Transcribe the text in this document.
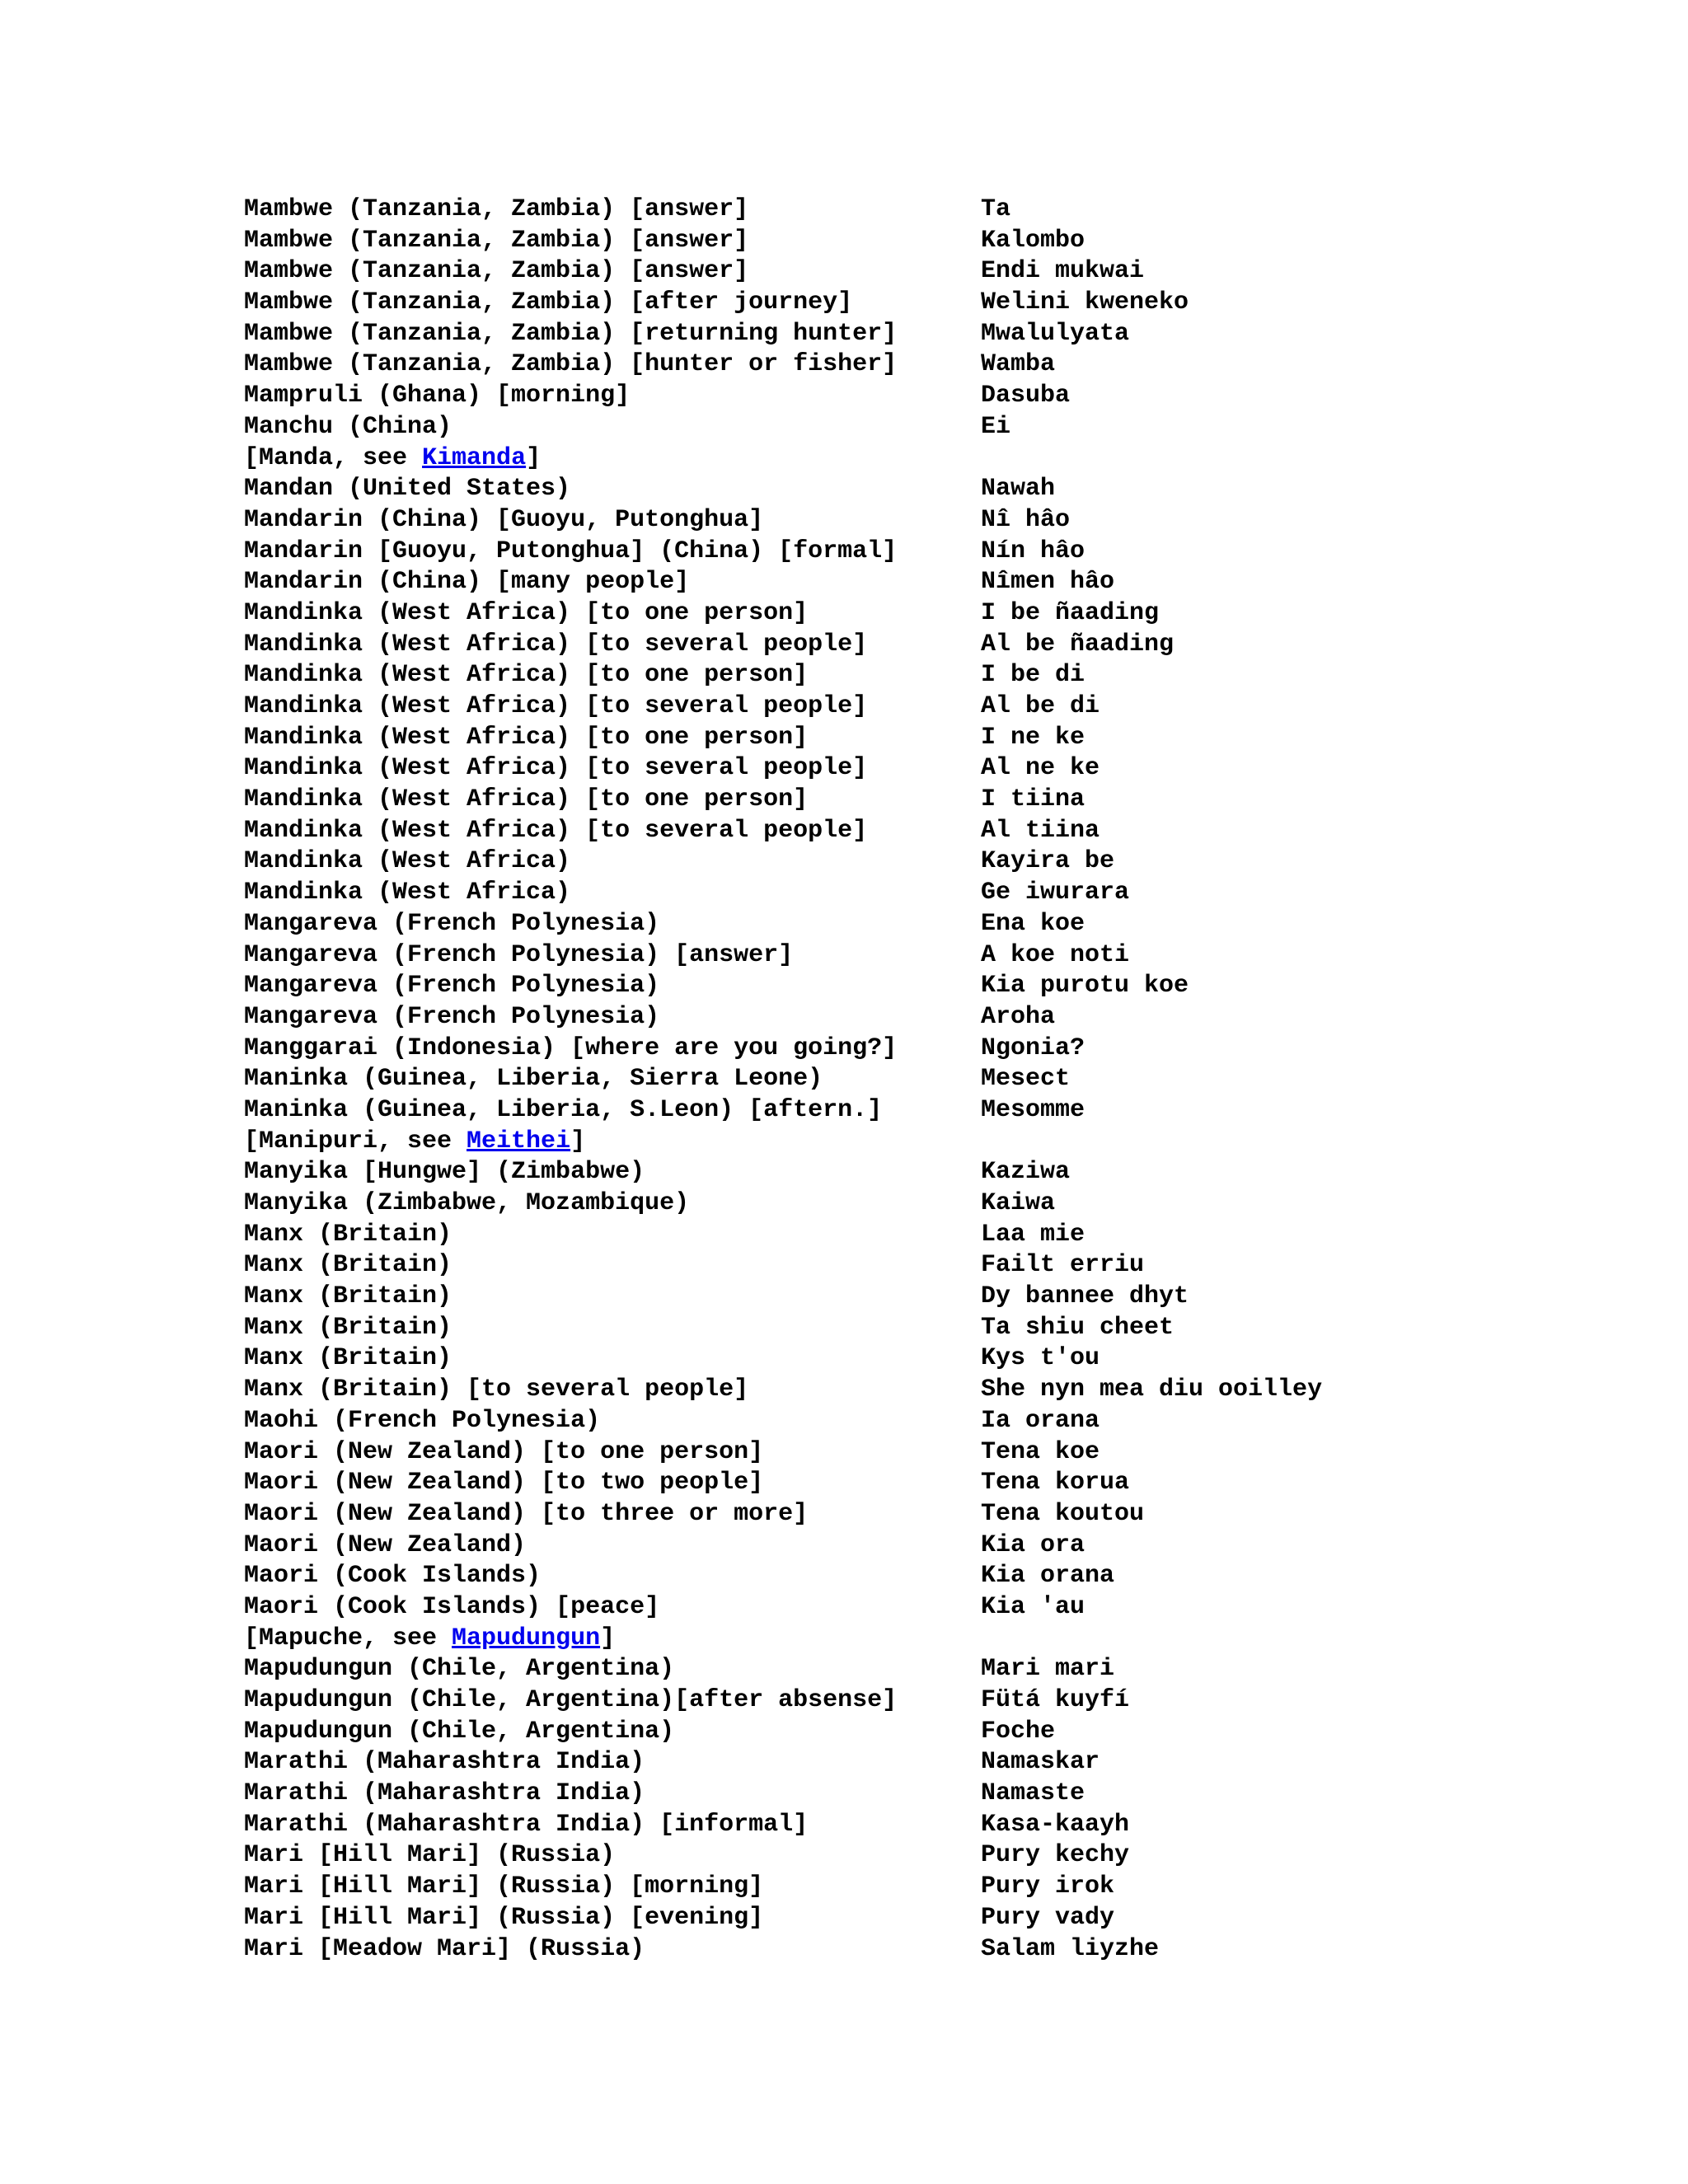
Mambwe (Tanzania, Zambia) [answer]	Ta
Mambwe (Tanzania, Zambia) [answer]	Kalombo
Mambwe (Tanzania, Zambia) [answer]	Endi mukwai
Mambwe (Tanzania, Zambia) [after journey]	Welini kweneko
Mambwe (Tanzania, Zambia) [returning hunter]	Mwalulyata
Mambwe (Tanzania, Zambia) [hunter or fisher]	Wamba
Mampruli (Ghana) [morning]	Dasuba
Manchu (China)	Ei
[Manda, see Kimanda]
Mandan (United States)	Nawah
Mandarin (China) [Guoyu, Putonghua]	Nî hâo
Mandarin [Guoyu, Putonghua] (China) [formal]	Nín hâo
Mandarin (China) [many people]	Nîmen hâo
Mandinka (West Africa) [to one person]	I be ñaading
Mandinka (West Africa) [to several people]	Al be ñaading
Mandinka (West Africa) [to one person]	I be di
Mandinka (West Africa) [to several people]	Al be di
Mandinka (West Africa) [to one person]	I ne ke
Mandinka (West Africa) [to several people]	Al ne ke
Mandinka (West Africa) [to one person]	I tiina
Mandinka (West Africa) [to several people]	Al tiina
Mandinka (West Africa)	Kayira be
Mandinka (West Africa)	Ge iwurara
Mangareva (French Polynesia)	Ena koe
Mangareva (French Polynesia) [answer]	A koe noti
Mangareva (French Polynesia)	Kia purotu koe
Mangareva (French Polynesia)	Aroha
Manggarai (Indonesia) [where are you going?]	Ngonia?
Maninka (Guinea, Liberia, Sierra Leone)	Mesect
Maninka (Guinea, Liberia, S.Leon) [aftern.]	Mesomme
[Manipuri, see Meithei]
Manyika [Hungwe] (Zimbabwe)	Kaziwa
Manyika (Zimbabwe, Mozambique)	Kaiwa
Manx (Britain)	Laa mie
Manx (Britain)	Failt erriu
Manx (Britain)	Dy bannee dhyt
Manx (Britain)	Ta shiu cheet
Manx (Britain)	Kys t'ou
Manx (Britain) [to several people]	She nyn mea diu ooilley
Maohi (French Polynesia)	Ia orana
Maori (New Zealand) [to one person]	Tena koe
Maori (New Zealand) [to two people]	Tena korua
Maori (New Zealand) [to three or more]	Tena koutou
Maori (New Zealand)	Kia ora
Maori (Cook Islands)	Kia orana
Maori (Cook Islands) [peace]	Kia 'au
[Mapuche, see Mapudungun]
Mapudungun (Chile, Argentina)	Mari mari
Mapudungun (Chile, Argentina)[after absense]	Fütá kuyfí
Mapudungun (Chile, Argentina)	Foche
Marathi (Maharashtra India)	Namaskar
Marathi (Maharashtra India)	Namaste
Marathi (Maharashtra India) [informal]	Kasa-kaayh
Mari [Hill Mari] (Russia)	Pury kechy
Mari [Hill Mari] (Russia) [morning]	Pury irok
Mari [Hill Mari] (Russia) [evening]	Pury vady
Mari [Meadow Mari] (Russia)	Salam liyzhe
